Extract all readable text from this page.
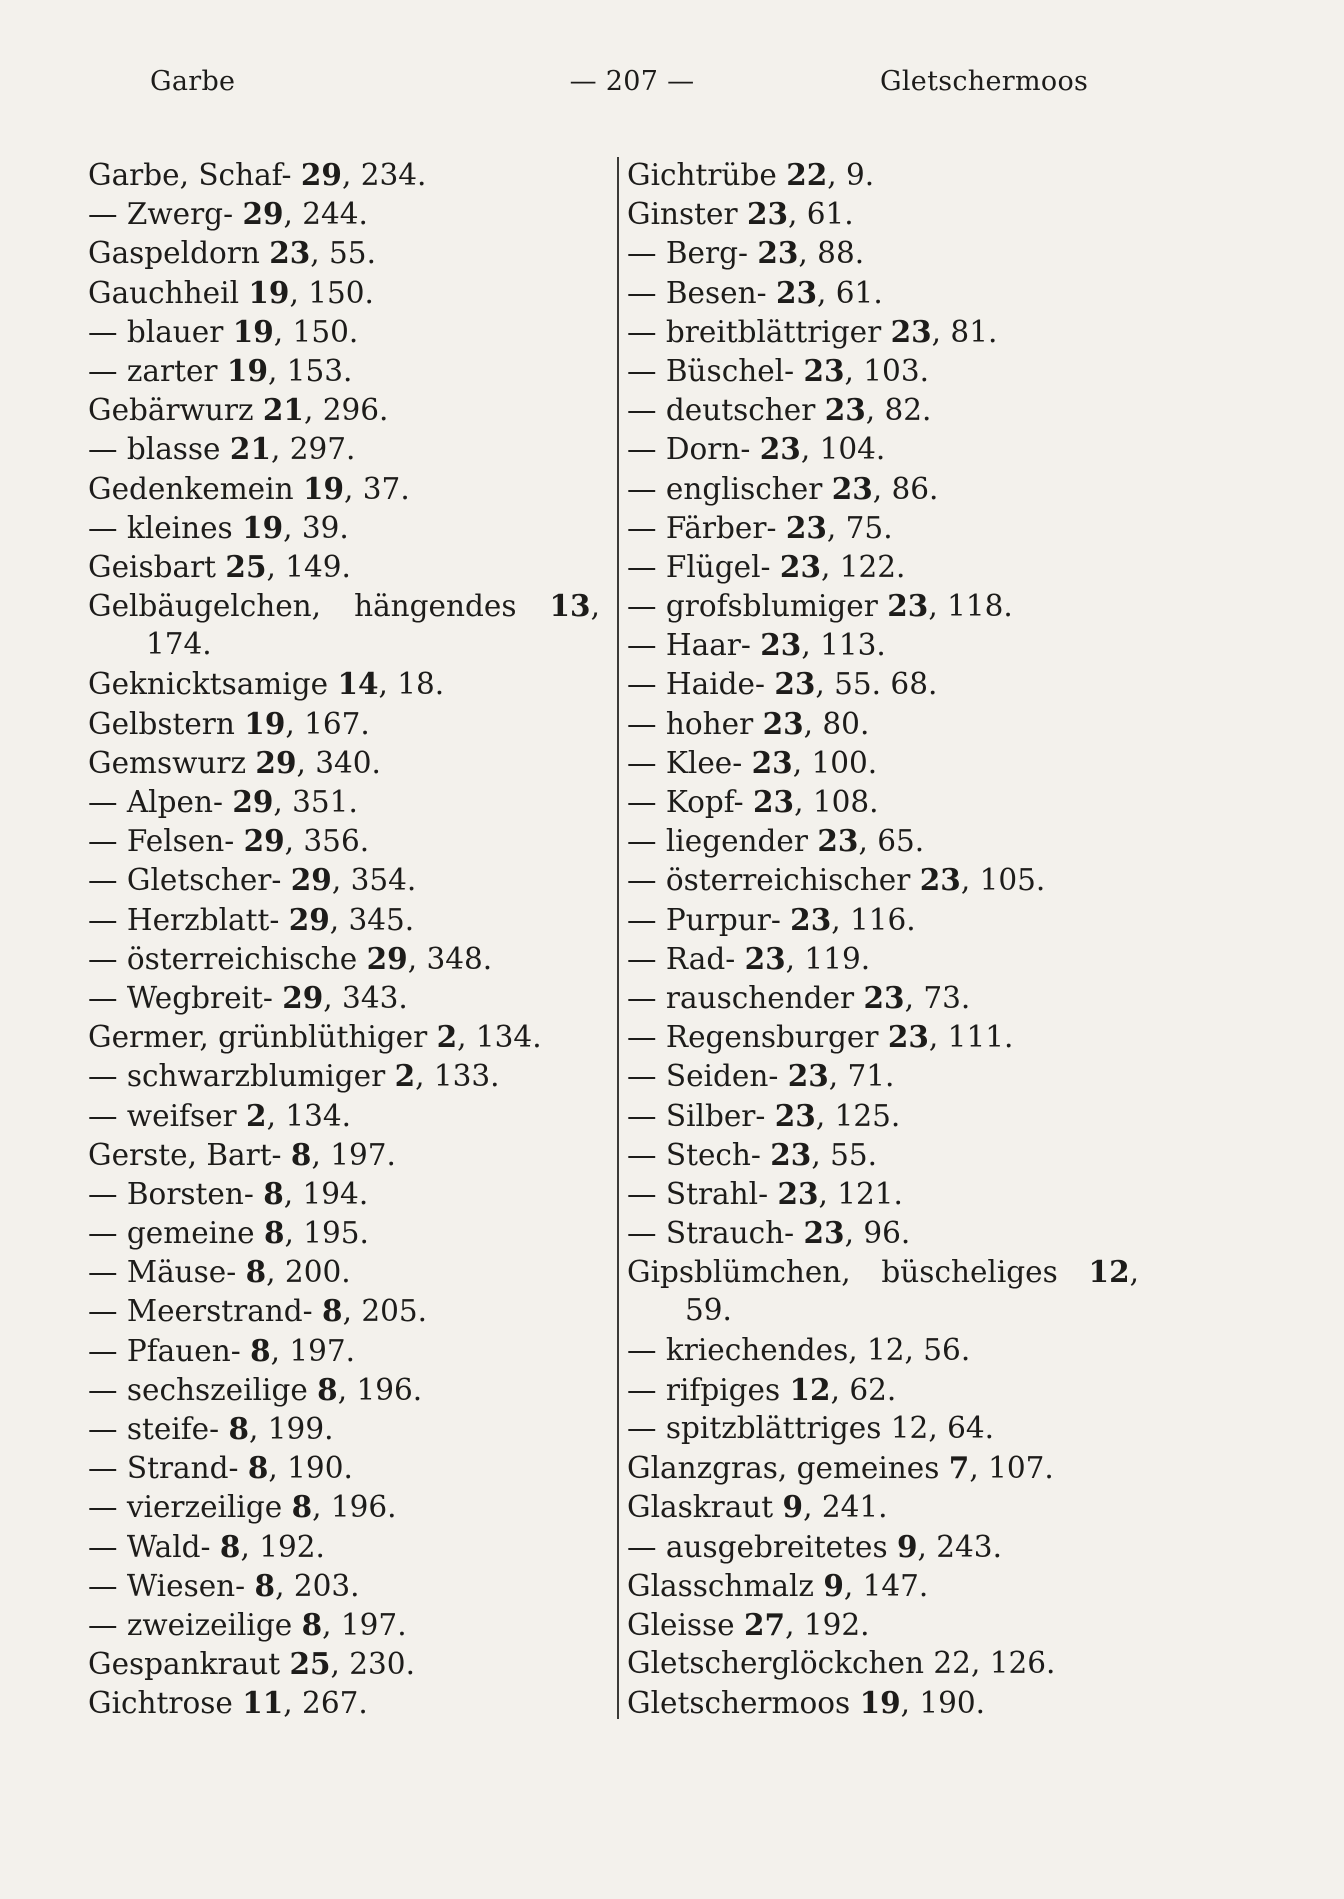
Garbe	— 207 —	Gletschermoos
Garbe, Schaf- 29, 234.
— Zwerg- 29, 244.
Gaspeldorn 23, 55.
Gauchheil 19, 150.
— blauer 19, 150.
— zarter 19, 153.
Gebärwurz 21, 296.
— blasse 21, 297.
Gedenkemein 19, 37.
— kleines 19, 39.
Geisbart 25, 149.
Gelbäugelchen, hängendes 13,
174.
Geknicktsamige 14, 18.
Gelbstern 19, 167.
Gemswurz 29, 340.
— Alpen- 29, 351.
— Felsen- 29, 356.
— Gletscher- 29, 354.
— Herzblatt- 29, 345.
— österreichische 29, 348.
— Wegbreit- 29, 343.
Germer, grünblüthiger 2, 134.
— schwarzblumiger 2, 133.
— weifser 2, 134.
Gerste, Bart- 8, 197.
— Borsten- 8, 194.
— gemeine 8, 195.
— Mäuse- 8, 200.
— Meerstrand- 8, 205.
— Pfauen- 8, 197.
— sechszeilige 8, 196.
— steife- 8, 199.
— Strand- 8, 190.
— vierzeilige 8, 196.
— Wald- 8, 192.
— Wiesen- 8, 203.
— zweizeilige 8, 197.
Gespankraut 25, 230.
Gichtrose 11, 267.
Gichtrübe 22, 9.
Ginster 23, 61.
— Berg- 23, 88.
— Besen- 23, 61.
— breitblättriger 23, 81.
— Büschel- 23, 103.
— deutscher 23, 82.
— Dorn- 23, 104.
— englischer 23, 86.
— Färber- 23, 75.
— Flügel- 23, 122.
— grofsblumiger 23, 118.
— Haar- 23, 113.
— Haide- 23, 55. 68.
— hoher 23, 80.
— Klee- 23, 100.
— Kopf- 23, 108.
— liegender 23, 65.
— österreichischer 23, 105.
— Purpur- 23, 116.
— Rad- 23, 119.
— rauschender 23, 73.
— Regensburger 23, 111.
— Seiden- 23, 71.
— Silber- 23, 125.
— Stech- 23, 55.
— Strahl- 23, 121.
— Strauch- 23, 96.
Gipsblümchen, büscheliges 12,
59.
— kriechendes, 12, 56.
— rifpiges 12, 62.
— spitzblättriges 12, 64.
Glanzgras, gemeines 7, 107.
Glaskraut 9, 241.
— ausgebreitetes 9, 243.
Glasschmalz 9, 147.
Gleisse 27, 192.
Gletscherglöckchen 22, 126.
Gletschermoos 19, 190.
